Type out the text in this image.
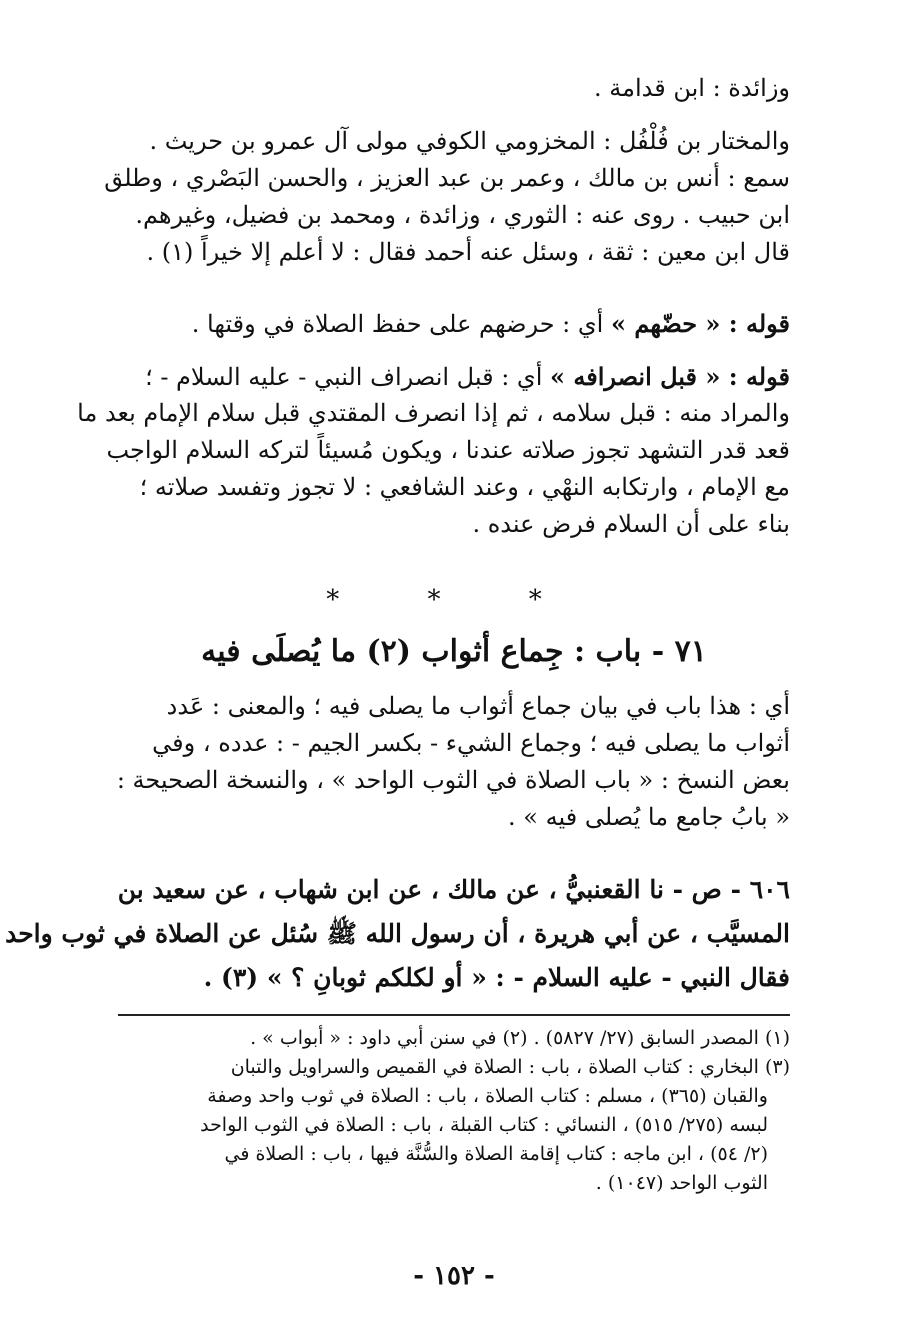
وزائدة : ابن قدامة .
والمختار بن فُلْفُل : المخزومي الكوفي مولى آل عمرو بن حريث .
سمع : أنس بن مالك ، وعمر بن عبد العزيز ، والحسن البَصْري ، وطلق
ابن حبيب . روى عنه : الثوري ، وزائدة ، ومحمد بن فضيل، وغيرهم.
قال ابن معين : ثقة ، وسئل عنه أحمد فقال : لا أعلم إلا خيراً (١) .
قوله : « حضّهم » أي : حرضهم على حفظ الصلاة في وقتها .
قوله : « قبل انصرافه » أي : قبل انصراف النبي - عليه السلام - ؛
والمراد منه : قبل سلامه ، ثم إذا انصرف المقتدي قبل سلام الإمام بعد ما
قعد قدر التشهد تجوز صلاته عندنا ، ويكون مُسيئاً لتركه السلام الواجب
مع الإمام ، وارتكابه النهْي ، وعند الشافعي : لا تجوز وتفسد صلاته ؛
بناء على أن السلام فرض عنده .
* * *
٧١ - باب : جِماع أثواب (٢) ما يُصلَى فيه
أي : هذا باب في بيان جماع أثواب ما يصلى فيه ؛ والمعنى : عَدد
أثواب ما يصلى فيه ؛ وجماع الشيء - بكسر الجيم - : عدده ، وفي
بعض النسخ : « باب الصلاة في الثوب الواحد » ، والنسخة الصحيحة :
« بابُ جامع ما يُصلى فيه » .
٦٠٦ - ص - نا القعنبيُّ ، عن مالك ، عن ابن شهاب ، عن سعيد بن
المسيَّب ، عن أبي هريرة ، أن رسول الله ﷺ سُئل عن الصلاة في ثوب واحد
فقال النبي - عليه السلام - : « أو لكلكم ثوبانِ ؟ » (٣) .
(١) المصدر السابق (٢٧/ ٥٨٢٧) . (٢) في سنن أبي داود : « أبواب » .
(٣) البخاري : كتاب الصلاة ، باب : الصلاة في القميص والسراويل والتبان
والقبان (٣٦٥) ، مسلم : كتاب الصلاة ، باب : الصلاة في ثوب واحد وصفة
لبسه (٢٧٥/ ٥١٥) ، النسائي : كتاب القبلة ، باب : الصلاة في الثوب الواحد
(٢/ ٥٤) ، ابن ماجه : كتاب إقامة الصلاة والسُّنَّة فيها ، باب : الصلاة في
الثوب الواحد (١٠٤٧) .
- ١٥٢ -
